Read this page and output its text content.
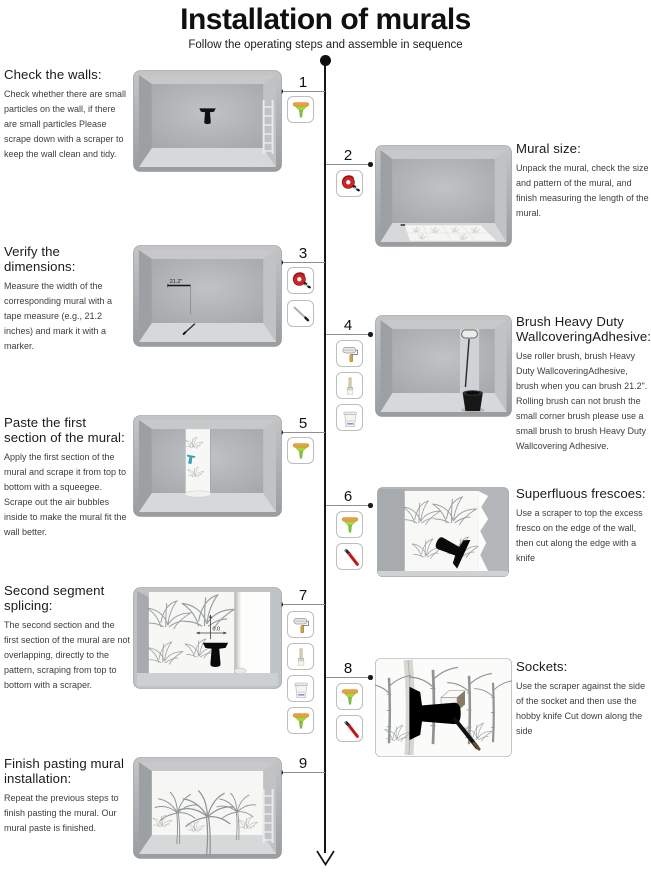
Installation of murals
Follow the operating steps and assemble in sequence
1
2
3
4
5
6
7
8
9
Check the walls:

Check whether there are small particles on the wall, if there are small particles Please scrape down with a scraper to keep the wall clean and tidy.	Mural size:

Unpack the mural, check the size and pattern of the mural, and finish measuring the length of the mural.

Verify the dimensions:

Measure the width of the corresponding mural with a tape measure (e.g., 21.2 inches) and mark it with a marker.

Brush Heavy Duty WallcoveringAdhesive:

Use roller brush, brush Heavy Duty WallcoveringAdhesive, brush when you can brush 21.2". Rolling brush can not brush the small corner brush please use a small brush to brush Heavy Duty Wallcovering Adhesive.

Paste the first section of the mural:

Apply the first section of the mural and scrape it from top to bottom with a squeegee. Scrape out the air bubbles inside to make the mural fit the wall better.

Superfluous frescoes:

Use a scraper to top the excess fresco on the edge of the wall, then cut along the edge with a knife

Second segment splicing:

The second section and the first section of the mural are not overlapping, directly to the pattern, scraping from top to bottom with a scraper.

Sockets:

Use the scraper against the side of the socket and then use the hobby knife Cut down along the side

Finish pasting mural installation:

Repeat the previous steps to finish pasting the mural. Our mural paste is finished.

21.2"
0.0
